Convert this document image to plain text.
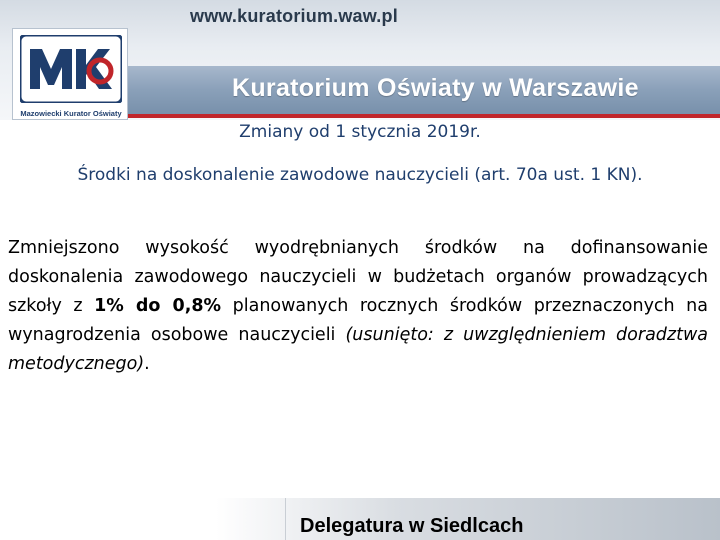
www.kuratorium.waw.pl
Mazowiecki Kurator Oświaty
Kuratorium Oświaty w Warszawie
Zmiany od 1 stycznia 2019r.
Środki na doskonalenie zawodowe nauczycieli (art. 70a ust. 1 KN).
Zmniejszono wysokość wyodrębnianych środków na dofinansowanie doskonalenia zawodowego nauczycieli w budżetach organów prowadzących szkoły z 1% do 0,8% planowanych rocznych środków przeznaczonych na wynagrodzenia osobowe nauczycieli (usunięto: z uwzględnieniem doradztwa metodycznego).
Delegatura w Siedlcach
